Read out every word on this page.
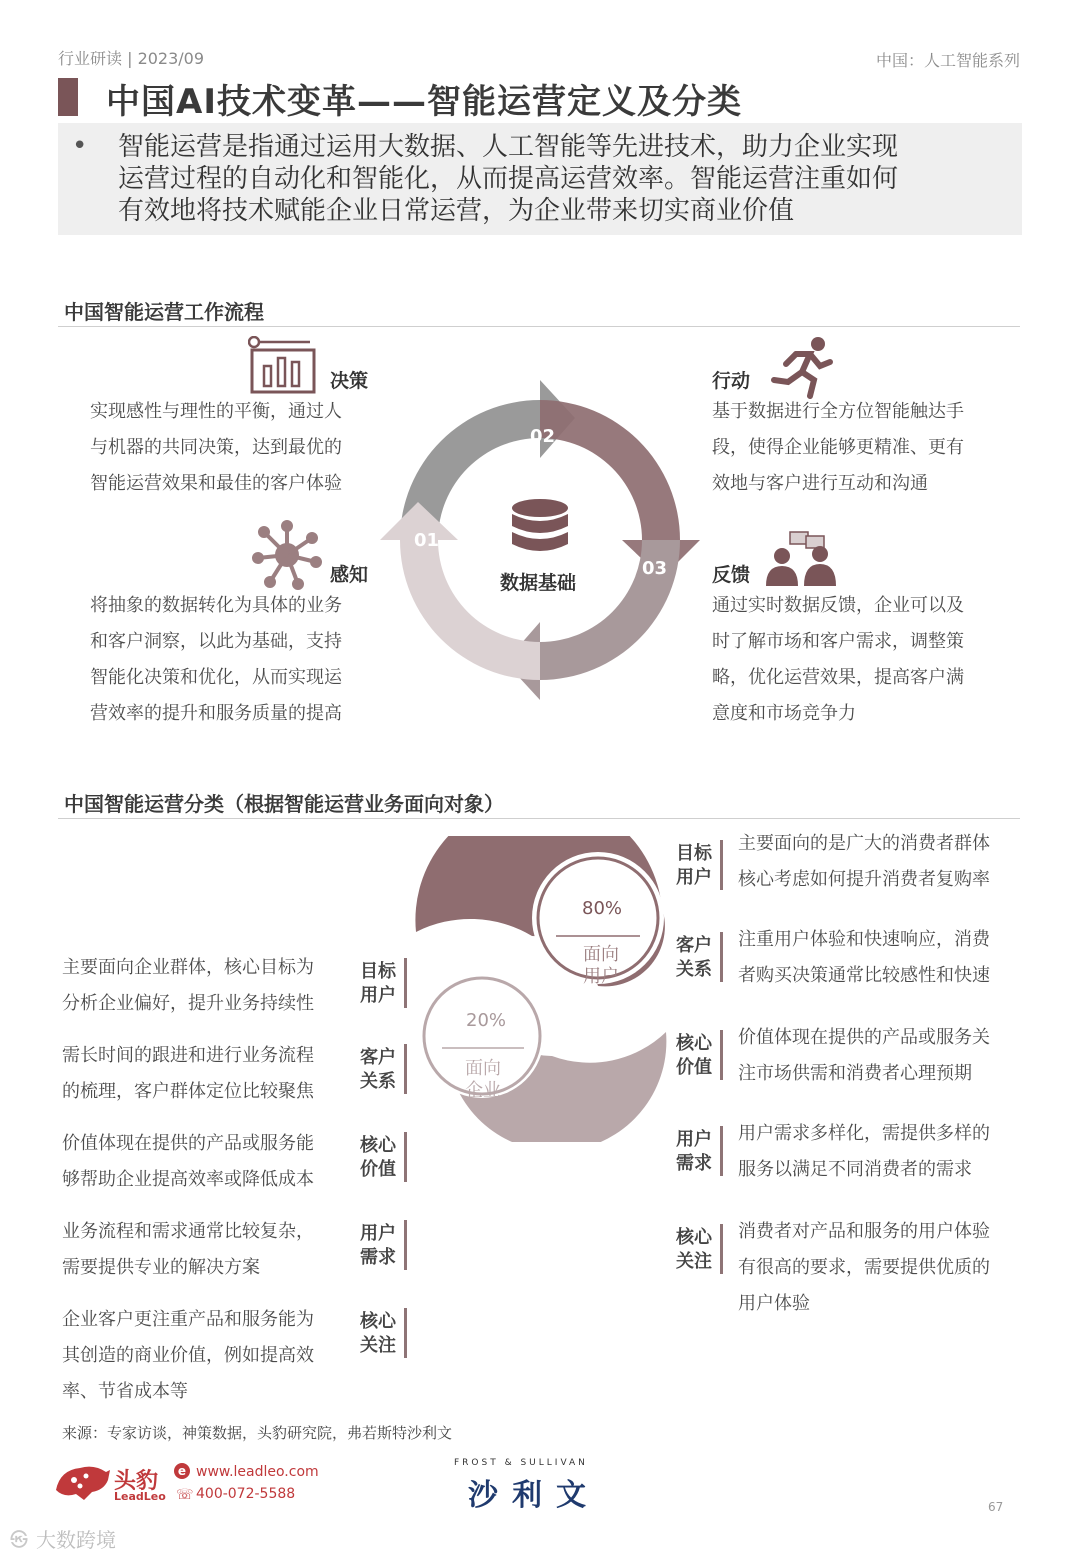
行业研读 | 2023/09	中国：人工智能系列
中国AI技术变革——智能运营定义及分类
• 智能运营是指通过运用大数据、人工智能等先进技术，助力企业实现
运营过程的自动化和智能化，从而提高运营效率。智能运营注重如何
有效地将技术赋能企业日常运营，为企业带来切实商业价值
中国智能运营工作流程
02
01
03
数据基础
决策
实现感性与理性的平衡，通过人
与机器的共同决策，达到最优的
智能运营效果和最佳的客户体验
感知
将抽象的数据转化为具体的业务
和客户洞察，以此为基础，支持
智能化决策和优化，从而实现运
营效率的提升和服务质量的提高
行动
基于数据进行全方位智能触达手
段，使得企业能够更精准、更有
效地与客户进行互动和沟通
反馈
通过实时数据反馈，企业可以及
时了解市场和客户需求，调整策
略，优化运营效果，提高客户满
意度和市场竞争力
中国智能运营分类（根据智能运营业务面向对象）
80%
面向
用户
20%
面向
企业
主要面向企业群体，核心目标为
分析企业偏好，提升业务持续性
目标
用户
需长时间的跟进和进行业务流程
的梳理，客户群体定位比较聚焦
客户
关系
价值体现在提供的产品或服务能
够帮助企业提高效率或降低成本
核心
价值
业务流程和需求通常比较复杂，
需要提供专业的解决方案
用户
需求
企业客户更注重产品和服务能为
其创造的商业价值，例如提高效
率、节省成本等
核心
关注
目标
用户
主要面向的是广大的消费者群体
核心考虑如何提升消费者复购率
客户
关系
注重用户体验和快速响应，消费
者购买决策通常比较感性和快速
核心
价值
价值体现在提供的产品或服务关
注市场供需和消费者心理预期
用户
需求
用户需求多样化，需提供多样的
服务以满足不同消费者的需求
核心
关注
消费者对产品和服务的用户体验
有很高的要求，需要提供优质的
用户体验
来源：专家访谈，神策数据，头豹研究院，弗若斯特沙利文
头豹
LeadLeo
e
☏
www.leadleo.com
400-072-5588
FROST & SULLIVAN
沙利文	67
㉿ 大数跨境
